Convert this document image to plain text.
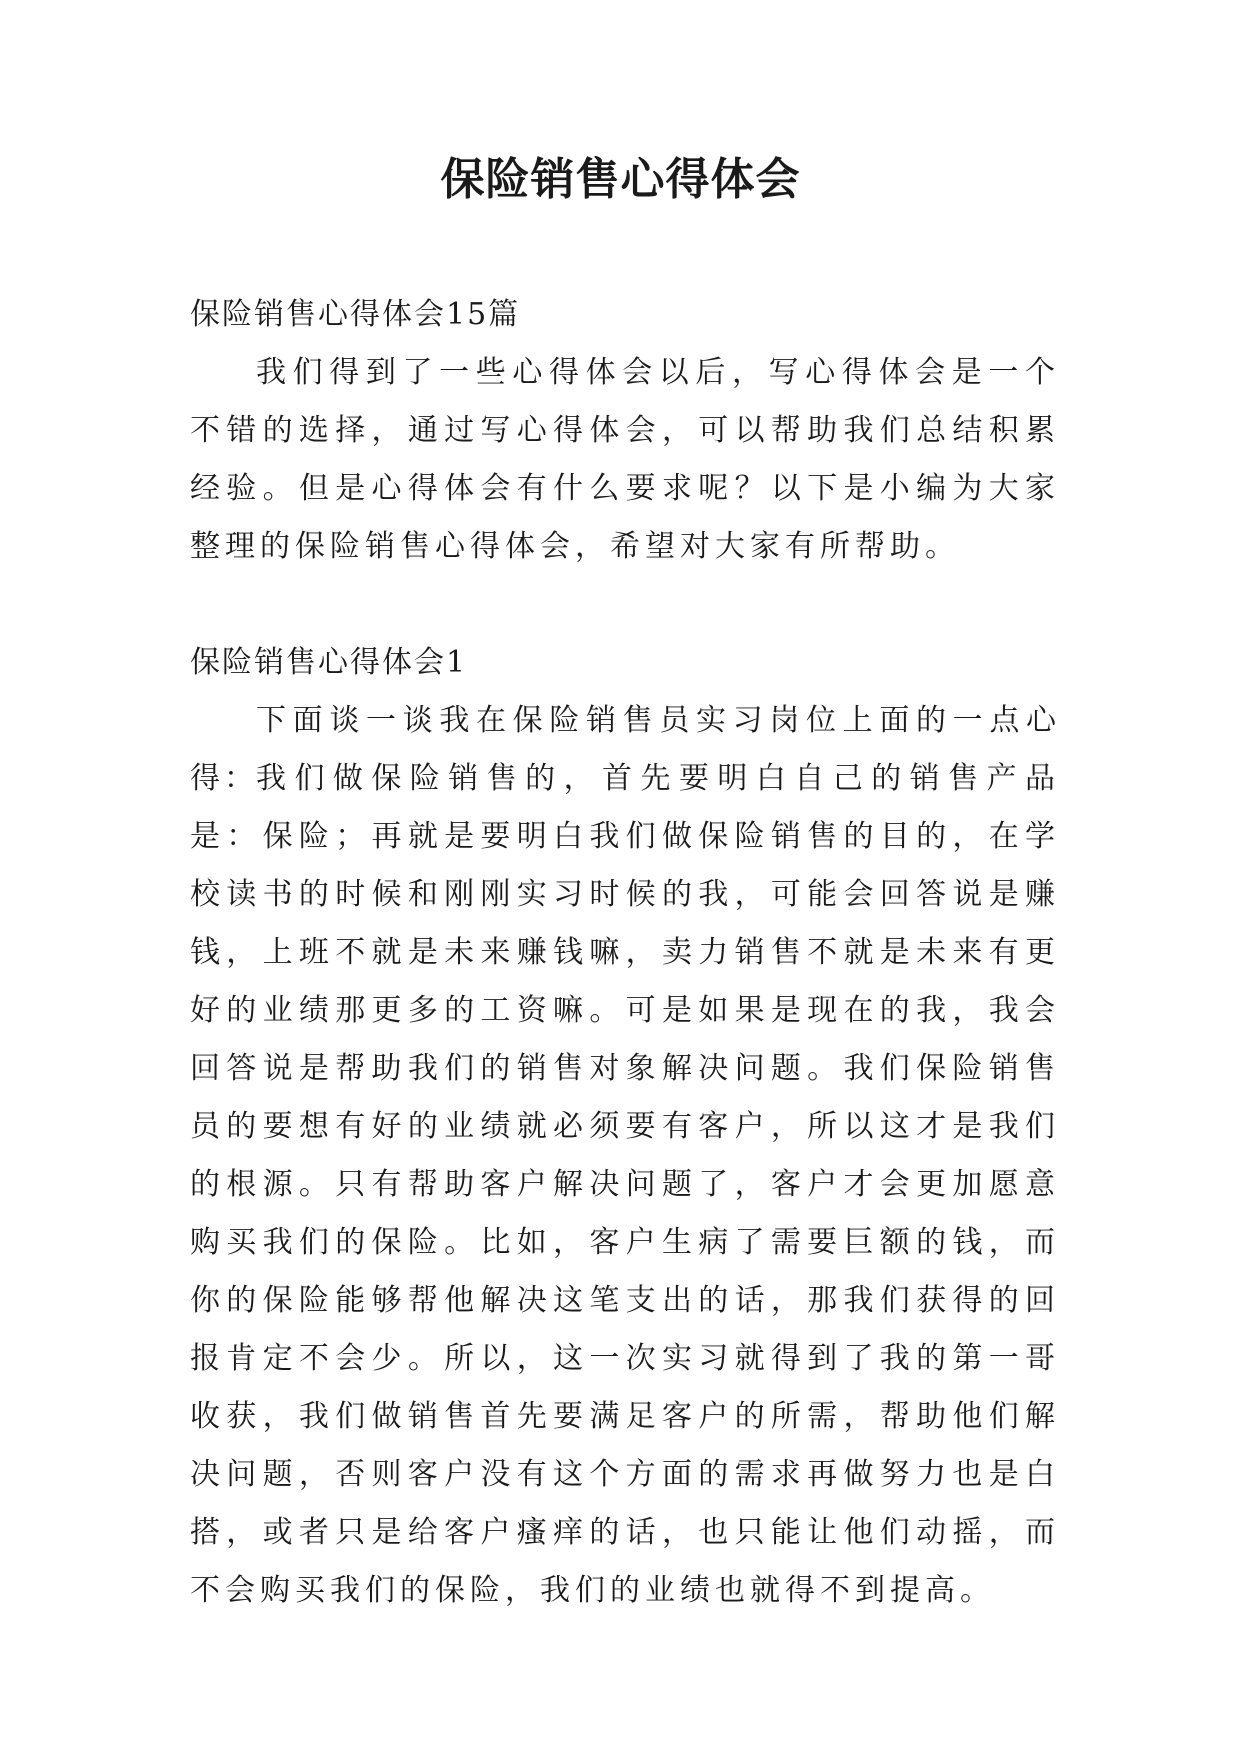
保险销售心得体会
保险销售心得体会15篇

我们得到了一些心得体会以后，写心得体会是一个不错的选择，通过写心得体会，可以帮助我们总结积累经验。但是心得体会有什么要求呢？以下是小编为大家整理的保险销售心得体会，希望对大家有所帮助。

保险销售心得体会1

下面谈一谈我在保险销售员实习岗位上面的一点心得：

我们做保险销售的，首先要明白自己的销售产品是：保险；再就是要明白我们做保险销售的目的，在学校读书的时候和刚刚实习时候的我，可能会回答说是赚钱，上班不就是未来赚钱嘛，卖力销售不就是未来有更好的业绩那更多的工资嘛。可是如果是现在的我，我会回答说是帮助我们的销售对象解决问题。我们保险销售员的要想有好的业绩就必须要有客户，所以这才是我们的根源。只有帮助客户解决问题了，客户才会更加愿意购买我们的保险。比如，客户生病了需要巨额的钱，而你的保险能够帮他解决这笔支出的话，那我们获得的回报肯定不会少。所以，这一次实习就得到了我的第一哥收获，我们做销售首先要满足客户的所需，帮助他们解决问题，否则客户没有这个方面的需求再做努力也是白搭，或者只是给客户瘙痒的话，也只能让他们动摇，而不会购买我们的保险，我们的业绩也就得不到提高。
